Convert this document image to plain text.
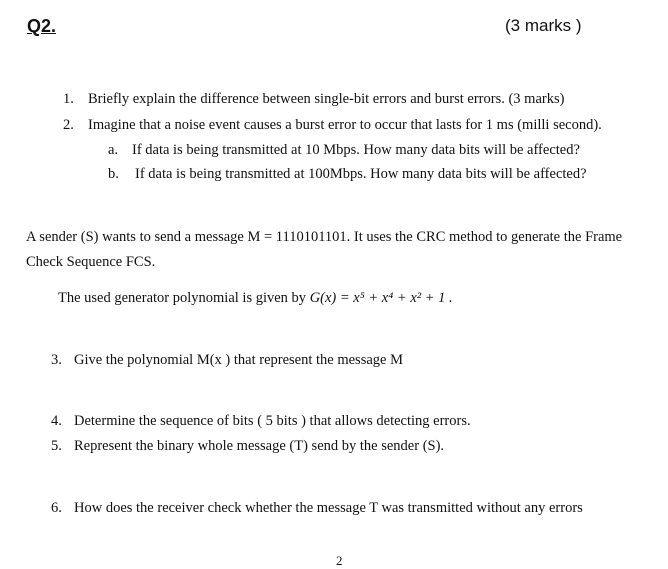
Q2.	(3 marks )
1. Briefly explain the difference between single-bit errors and burst errors. (3 marks)
2. Imagine that a noise event causes a burst error to occur that lasts for 1 ms (milli second).
a. If data is being transmitted at 10 Mbps. How many data bits will be affected?
b. If data is being transmitted at 100Mbps. How many data bits will be affected?
A sender (S) wants to send a message M = 1110101101. It uses the CRC method to generate the Frame
Check Sequence FCS.
The used generator polynomial is given by G(x) = x⁵ + x⁴ + x² + 1 .
3. Give the polynomial M(x ) that represent the message M
4. Determine the sequence of bits ( 5 bits ) that allows detecting errors.
5. Represent the binary whole message (T) send by the sender (S).
6. How does the receiver check whether the message T was transmitted without any errors
2
